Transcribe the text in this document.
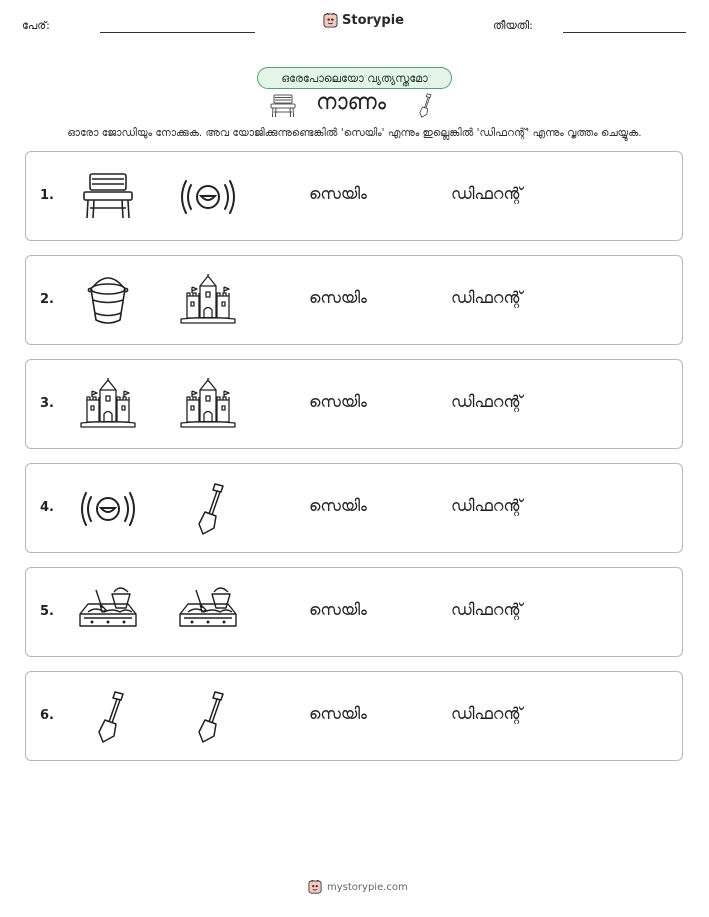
പേര്:	Storypie	തീയതി:
ഒരേപോലെയോ വ്യത്യസ്തമോ
നാണം
ഓരോ ജോഡിയും നോക്കുക. അവ യോജിക്കുന്നുണ്ടെങ്കിൽ 'സെയിം' എന്നും ഇല്ലെങ്കിൽ 'ഡിഫറന്റ്' എന്നും വൃത്തം ചെയ്യുക.
1.	സെയിം	ഡിഫറന്റ്
2.	സെയിം	ഡിഫറന്റ്
3.	സെയിം	ഡിഫറന്റ്
4.	സെയിം	ഡിഫറന്റ്
5.	സെയിം	ഡിഫറന്റ്
6.	സെയിം	ഡിഫറന്റ്
mystorypie.com
